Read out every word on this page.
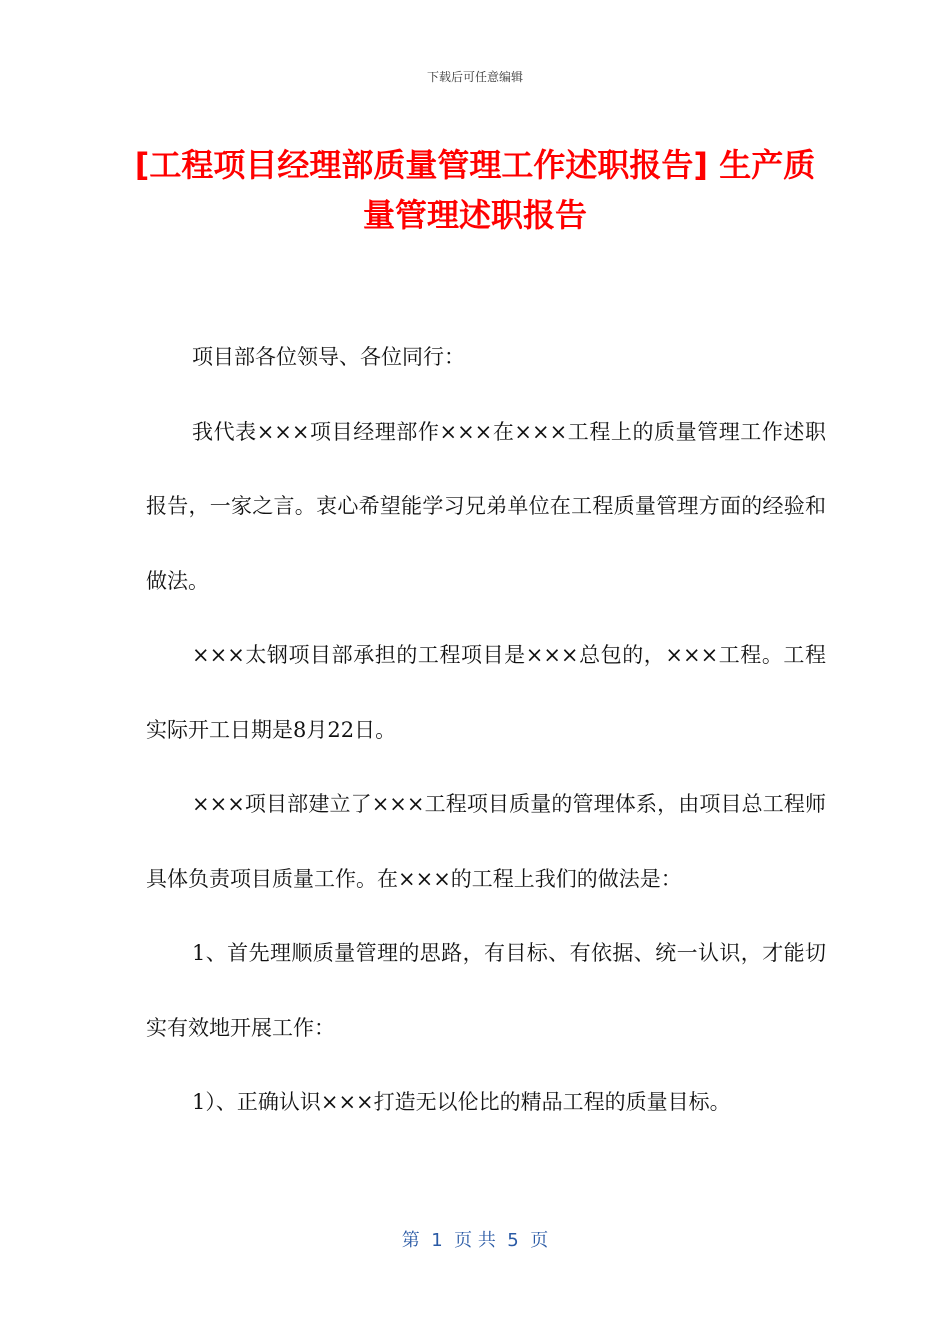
下载后可任意编辑
[工程项目经理部质量管理工作述职报告] 生产质量管理述职报告

项目部各位领导、各位同行：

我代表×××项目经理部作×××在×××工程上的质量管理工作述职报告，一家之言。衷心希望能学习兄弟单位在工程质量管理方面的经验和做法。

×××太钢项目部承担的工程项目是×××总包的，×××工程。工程实际开工日期是8月22日。

×××项目部建立了×××工程项目质量的管理体系，由项目总工程师具体负责项目质量工作。在×××的工程上我们的做法是：

1、首先理顺质量管理的思路，有目标、有依据、统一认识，才能切实有效地开展工作：

1）、正确认识×××打造无以伦比的精品工程的质量目标。

第  1  页 共  5  页
